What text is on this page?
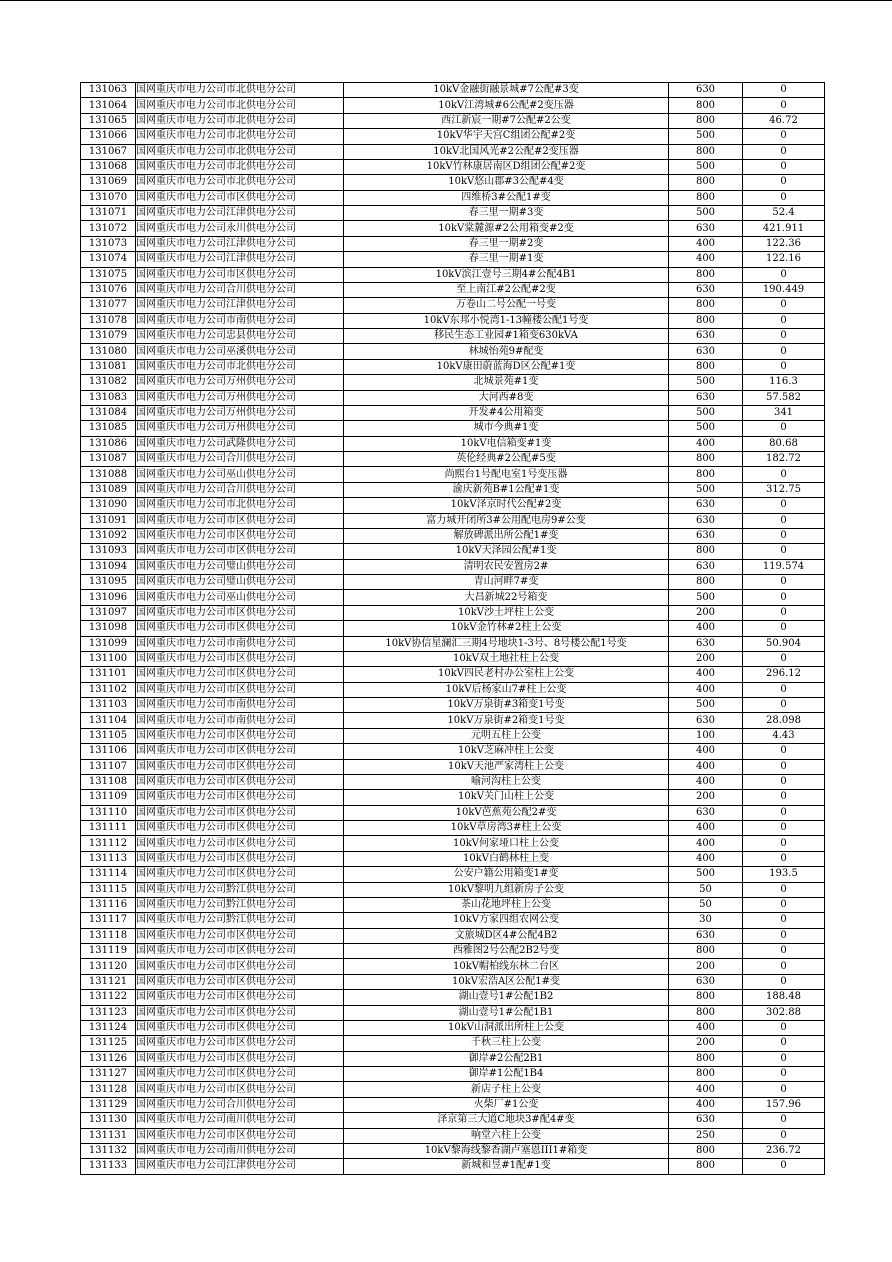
131063	国网重庆市电力公司市北供电分公司	10kV金融街融景城#7公配#3变	630	0
131064	国网重庆市电力公司市北供电分公司	10kV江湾城#6公配#2变压器	800	0
131065	国网重庆市电力公司市北供电分公司	西江新宸一期#7公配#2公变	800	46.72
131066	国网重庆市电力公司市北供电分公司	10kV华宇天宫C组团公配#2变	500	0
131067	国网重庆市电力公司市北供电分公司	10kV北国风光#2公配#2变压器	800	0
131068	国网重庆市电力公司市北供电分公司	10kV竹林康居南区D组团公配#2变	500	0
131069	国网重庆市电力公司市北供电分公司	10kV悠山郡#3公配#4变	800	0
131070	国网重庆市电力公司市区供电分公司	四维桥3#公配1#变	800	0
131071	国网重庆市电力公司江津供电分公司	春三里一期#3变	500	52.4
131072	国网重庆市电力公司永川供电分公司	10kV棠麓源#2公用箱变#2变	630	421.911
131073	国网重庆市电力公司江津供电分公司	春三里一期#2变	400	122.36
131074	国网重庆市电力公司江津供电分公司	春三里一期#1变	400	122.16
131075	国网重庆市电力公司市区供电分公司	10kV滨江壹号三期4#公配4B1	800	0
131076	国网重庆市电力公司合川供电分公司	至上南江#2公配#2变	630	190.449
131077	国网重庆市电力公司江津供电分公司	万卷山二号公配一号变	800	0
131078	国网重庆市电力公司市南供电分公司	10kV东邦小悦湾1-13幢楼公配1号变	800	0
131079	国网重庆市电力公司忠县供电分公司	移民生态工业园#1箱变630kVA	630	0
131080	国网重庆市电力公司巫溪供电分公司	林城怡苑9#配变	630	0
131081	国网重庆市电力公司市北供电分公司	10kV康田蔚蓝海D区公配#1变	800	0
131082	国网重庆市电力公司万州供电分公司	北城景苑#1变	500	116.3
131083	国网重庆市电力公司万州供电分公司	大河西#8变	630	57.582
131084	国网重庆市电力公司万州供电分公司	开发#4公用箱变	500	341
131085	国网重庆市电力公司万州供电分公司	城市今典#1变	500	0
131086	国网重庆市电力公司武隆供电分公司	10kV电信箱变#1变	400	80.68
131087	国网重庆市电力公司合川供电分公司	英伦经典#2公配#5变	800	182.72
131088	国网重庆市电力公司巫山供电分公司	尚熙台1号配电室1号变压器	800	0
131089	国网重庆市电力公司合川供电分公司	渝庆新苑B#1公配#1变	500	312.75
131090	国网重庆市电力公司市北供电分公司	10kV泽京时代公配#2变	630	0
131091	国网重庆市电力公司市区供电分公司	富力城开闭所3#公用配电房9#公变	630	0
131092	国网重庆市电力公司市区供电分公司	解放碑派出所公配1#变	630	0
131093	国网重庆市电力公司市区供电分公司	10kV天泽园公配#1变	800	0
131094	国网重庆市电力公司璧山供电分公司	清明农民安置房2#	630	119.574
131095	国网重庆市电力公司璧山供电分公司	青山河畔7#变	800	0
131096	国网重庆市电力公司巫山供电分公司	大昌新城22号箱变	500	0
131097	国网重庆市电力公司市区供电分公司	10kV沙土坪柱上公变	200	0
131098	国网重庆市电力公司市区供电分公司	10kV金竹林#2柱上公变	400	0
131099	国网重庆市电力公司市南供电分公司	10kV协信星澜汇三期4号地块1-3号、8号楼公配1号变	630	50.904
131100	国网重庆市电力公司市区供电分公司	10kV双土地社柱上公变	200	0
131101	国网重庆市电力公司市区供电分公司	10kV四民老村办公室柱上公变	400	296.12
131102	国网重庆市电力公司市区供电分公司	10kV后杨家山7#柱上公变	400	0
131103	国网重庆市电力公司市南供电分公司	10kV万泉街#3箱变1号变	500	0
131104	国网重庆市电力公司市南供电分公司	10kV万泉街#2箱变1号变	630	28.098
131105	国网重庆市电力公司市区供电分公司	元明五柱上公变	100	4.43
131106	国网重庆市电力公司市区供电分公司	10kV芝麻冲柱上公变	400	0
131107	国网重庆市电力公司市区供电分公司	10kV天池严家湾柱上公变	400	0
131108	国网重庆市电力公司市区供电分公司	喻河沟柱上公变	400	0
131109	国网重庆市电力公司市区供电分公司	10kV关门山柱上公变	200	0
131110	国网重庆市电力公司市区供电分公司	10kV芭蕉苑公配2#变	630	0
131111	国网重庆市电力公司市区供电分公司	10kV草房湾3#柱上公变	400	0
131112	国网重庆市电力公司市区供电分公司	10kV何家垭口柱上公变	400	0
131113	国网重庆市电力公司市区供电分公司	10kV白鹤林柱上变	400	0
131114	国网重庆市电力公司市区供电分公司	公安户籍公用箱变1#变	500	193.5
131115	国网重庆市电力公司黔江供电分公司	10kV黎明九组新房子公变	50	0
131116	国网重庆市电力公司黔江供电分公司	茶山花地坪柱上公变	50	0
131117	国网重庆市电力公司黔江供电分公司	10kV方家四组农网公变	30	0
131118	国网重庆市电力公司市区供电分公司	文旅城D区4#公配4B2	630	0
131119	国网重庆市电力公司市区供电分公司	西雅图2号公配2B2号变	800	0
131120	国网重庆市电力公司市区供电分公司	10kV帽柏线东林二台区	200	0
131121	国网重庆市电力公司市区供电分公司	10kV宏浩A区公配1#变	630	0
131122	国网重庆市电力公司市区供电分公司	湖山壹号1#公配1B2	800	188.48
131123	国网重庆市电力公司市区供电分公司	湖山壹号1#公配1B1	800	302.88
131124	国网重庆市电力公司市区供电分公司	10kV山洞派出所柱上公变	400	0
131125	国网重庆市电力公司市区供电分公司	千秋三柱上公变	200	0
131126	国网重庆市电力公司市区供电分公司	御岸#2公配2B1	800	0
131127	国网重庆市电力公司市区供电分公司	御岸#1公配1B4	800	0
131128	国网重庆市电力公司市区供电分公司	新店子柱上公变	400	0
131129	国网重庆市电力公司合川供电分公司	火柴厂#1公变	400	157.96
131130	国网重庆市电力公司南川供电分公司	泽京第三大道C地块3#配4#变	630	0
131131	国网重庆市电力公司市区供电分公司	响堂六柱上公变	250	0
131132	国网重庆市电力公司南川供电分公司	10kV黎海线黎香湖卢塞恩III1#箱变	800	236.72
131133	国网重庆市电力公司江津供电分公司	新城和昱#1配#1变	800	0
